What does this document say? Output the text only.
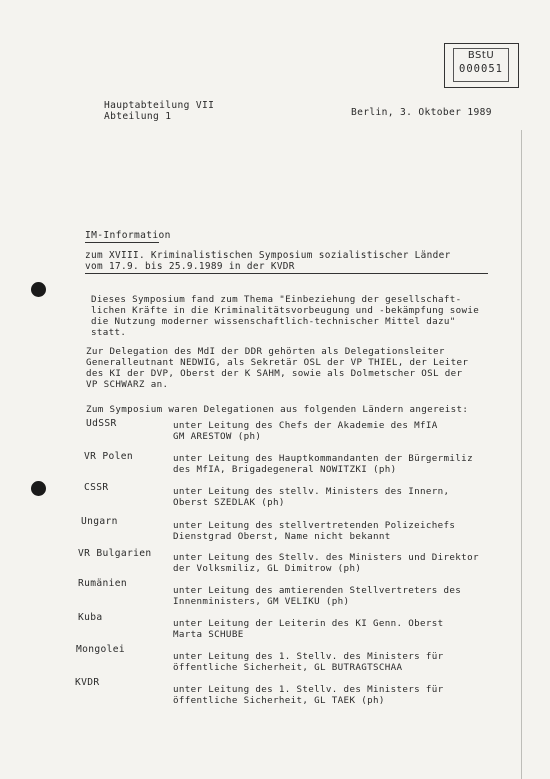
BStU
000051
Hauptabteilung VII
Abteilung 1	Berlin, 3. Oktober 1989
IM-Information
zum XVIII. Kriminalistischen Symposium sozialistischer Länder
vom 17.9. bis 25.9.1989 in der KVDR
Dieses Symposium fand zum Thema "Einbeziehung der gesellschaft-
lichen Kräfte in die Kriminalitätsvorbeugung und -bekämpfung sowie
die Nutzung moderner wissenschaftlich-technischer Mittel dazu"
statt.
Zur Delegation des MdI der DDR gehörten als Delegationsleiter
Generalleutnant NEDWIG, als Sekretär OSL der VP THIEL, der Leiter
des KI der DVP, Oberst der K SAHM, sowie als Dolmetscher OSL der
VP SCHWARZ an.
Zum Symposium waren Delegationen aus folgenden Ländern angereist:
UdSSR	unter Leitung des Chefs der Akademie des MfIA
GM ARESTOW (ph)
VR Polen	unter Leitung des Hauptkommandanten der Bürgermiliz
des MfIA, Brigadegeneral NOWITZKI (ph)
CSSR	unter Leitung des stellv. Ministers des Innern,
Oberst SZEDLAK (ph)
Ungarn	unter Leitung des stellvertretenden Polizeichefs
Dienstgrad Oberst, Name nicht bekannt
VR Bulgarien unter Leitung des Stellv. des Ministers und Direktor
der Volksmiliz, GL Dimitrow (ph)
Rumänien
unter Leitung des amtierenden Stellvertreters des
Innenministers, GM VELIKU (ph)
Kuba
unter Leitung der Leiterin des KI Genn. Oberst
Marta SCHUBE
Mongolei
unter Leitung des 1. Stellv. des Ministers für
öffentliche Sicherheit, GL BUTRAGTSCHAA
KVDR
unter Leitung des 1. Stellv. des Ministers für
öffentliche Sicherheit, GL TAEK (ph)
